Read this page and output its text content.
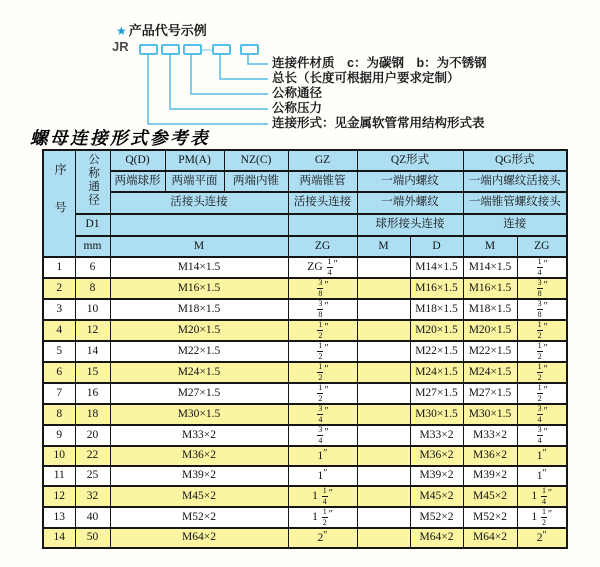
★ 产品代号示例
JR	—
连接件材质　c：为碳钢　b：为不锈钢
总长（长度可根据用户要求定制）
公称通径
公称压力
连接形式：见金属软管常用结构形式表
螺母连接形式参考表
序号	公称通径	Q(D)	PM(A)	NZ(C)	GZ	QZ形式		QG形式	
		两端球形	两端平面	两端内锥	两端锥管	一端内螺纹		一端内螺纹活接头	
		活接头连接			活接头连接	一端外螺纹		一端锥管螺纹接头	
	D1					球形接头连接		连接	
	mm	M			ZG	M	D	M	ZG
1	6	M14×1.5			ZG $\frac{1}{4}$ ″		M14×1.5	M14×1.5	$\frac{1}{4}$ ″
2	8	M16×1.5			$\frac{3}{8}$ ″		M16×1.5	M16×1.5	$\frac{3}{8}$ ″
3	10	M18×1.5			$\frac{3}{8}$ ″		M18×1.5	M18×1.5	$\frac{3}{8}$ ″
4	12	M20×1.5			$\frac{1}{2}$ ″		M20×1.5	M20×1.5	$\frac{1}{2}$ ″
5	14	M22×1.5			$\frac{1}{2}$ ″		M22×1.5	M22×1.5	$\frac{1}{2}$ ″
6	15	M24×1.5			$\frac{1}{2}$ ″		M24×1.5	M24×1.5	$\frac{1}{2}$ ″
7	16	M27×1.5			$\frac{1}{2}$ ″		M27×1.5	M27×1.5	$\frac{1}{2}$ ″
8	18	M30×1.5			$\frac{3}{4}$ ″		M30×1.5	M30×1.5	$\frac{3}{4}$ ″
9	20	M33×2			$\frac{3}{4}$ ″		M33×2	M33×2	$\frac{3}{4}$ ″
10	22	M36×2			1″		M36×2	M36×2	1″
11	25	M39×2			1″		M39×2	M39×2	1″
12	32	M45×2			$1 \frac{1}{4}$ ″		M45×2	M45×2	$1 \frac{1}{4}$ ″
13	40	M52×2			$1 \frac{1}{2}$ ″		M52×2	M52×2	$1 \frac{1}{2}$ ″
14	50	M64×2			2″		M64×2	M64×2	2″
